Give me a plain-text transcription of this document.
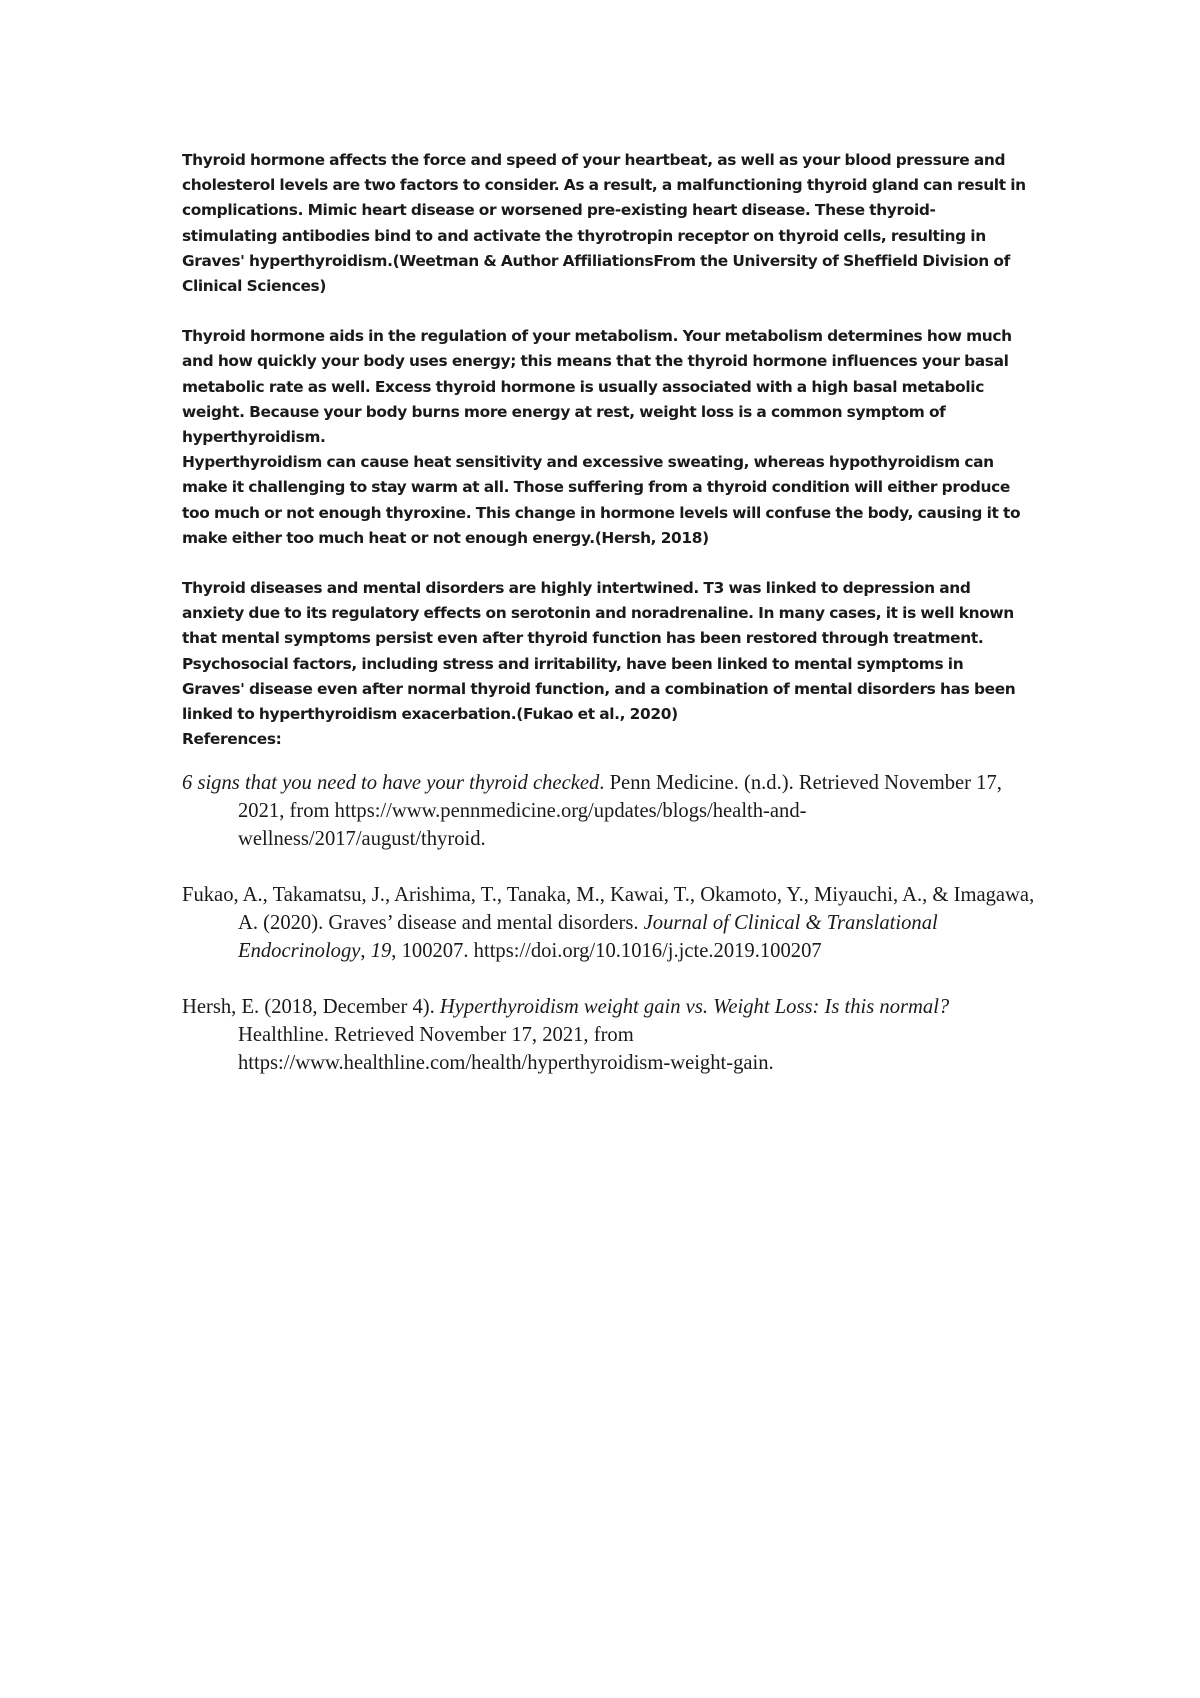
Thyroid hormone affects the force and speed of your heartbeat, as well as your blood pressure and cholesterol levels are two factors to consider. As a result, a malfunctioning thyroid gland can result in complications. Mimic heart disease or worsened pre-existing heart disease. These thyroid-stimulating antibodies bind to and activate the thyrotropin receptor on thyroid cells, resulting in Graves' hyperthyroidism.(Weetman & Author AffiliationsFrom the University of Sheffield Division of Clinical Sciences)

Thyroid hormone aids in the regulation of your metabolism. Your metabolism determines how much and how quickly your body uses energy; this means that the thyroid hormone influences your basal metabolic rate as well. Excess thyroid hormone is usually associated with a high basal metabolic weight. Because your body burns more energy at rest, weight loss is a common symptom of hyperthyroidism.

Hyperthyroidism can cause heat sensitivity and excessive sweating, whereas hypothyroidism can make it challenging to stay warm at all. Those suffering from a thyroid condition will either produce too much or not enough thyroxine. This change in hormone levels will confuse the body, causing it to make either too much heat or not enough energy.(Hersh, 2018)

Thyroid diseases and mental disorders are highly intertwined. T3 was linked to depression and anxiety due to its regulatory effects on serotonin and noradrenaline. In many cases, it is well known that mental symptoms persist even after thyroid function has been restored through treatment. Psychosocial factors, including stress and irritability, have been linked to mental symptoms in Graves' disease even after normal thyroid function, and a combination of mental disorders has been linked to hyperthyroidism exacerbation.(Fukao et al., 2020)

References:

6 signs that you need to have your thyroid checked. Penn Medicine. (n.d.). Retrieved November 17, 2021, from https://www.pennmedicine.org/updates/blogs/health-and-wellness/2017/august/thyroid.

Fukao, A., Takamatsu, J., Arishima, T., Tanaka, M., Kawai, T., Okamoto, Y., Miyauchi, A., & Imagawa, A. (2020). Graves’ disease and mental disorders. Journal of Clinical & Translational Endocrinology, 19, 100207. https://doi.org/10.1016/j.jcte.2019.100207

Hersh, E. (2018, December 4). Hyperthyroidism weight gain vs. Weight Loss: Is this normal? Healthline. Retrieved November 17, 2021, from https://www.healthline.com/health/hyperthyroidism-weight-gain.
